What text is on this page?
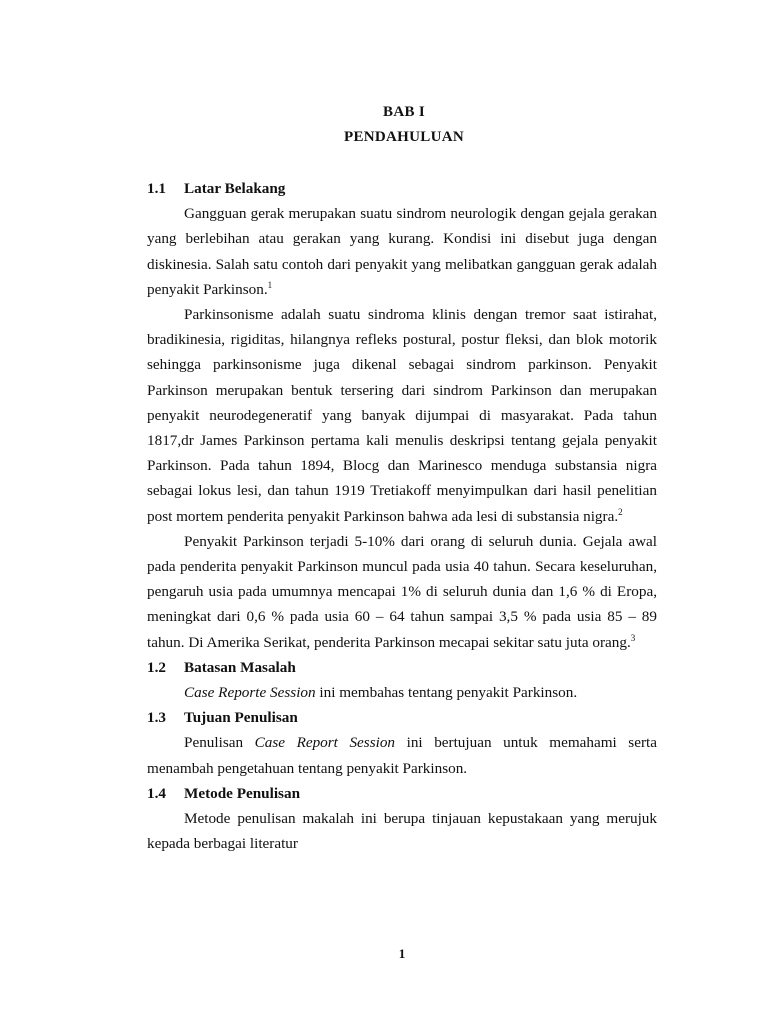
BAB I
PENDAHULUAN
1.1	Latar Belakang

Gangguan gerak merupakan suatu sindrom neurologik dengan gejala gerakan yang berlebihan atau gerakan yang kurang. Kondisi ini disebut juga dengan diskinesia. Salah satu contoh dari penyakit yang melibatkan gangguan gerak adalah penyakit Parkinson.$^1$

Parkinsonisme adalah suatu sindroma klinis dengan tremor saat istirahat, bradikinesia, rigiditas, hilangnya refleks postural, postur fleksi, dan blok motorik sehingga parkinsonisme juga dikenal sebagai sindrom parkinson. Penyakit Parkinson merupakan bentuk tersering dari sindrom Parkinson dan merupakan penyakit neurodegeneratif yang banyak dijumpai di masyarakat. Pada tahun 1817,dr James Parkinson pertama kali menulis deskripsi tentang gejala penyakit Parkinson. Pada tahun 1894, Blocg dan Marinesco menduga substansia nigra sebagai lokus lesi, dan tahun 1919 Tretiakoff menyimpulkan dari hasil penelitian post mortem penderita penyakit Parkinson bahwa ada lesi di substansia nigra.$^2$

Penyakit Parkinson terjadi 5-10% dari orang di seluruh dunia. Gejala awal pada penderita penyakit Parkinson muncul pada usia 40 tahun. Secara keseluruhan, pengaruh usia pada umumnya mencapai 1% di seluruh dunia dan 1,6 % di Eropa, meningkat dari 0,6 % pada usia 60 – 64 tahun sampai 3,5 % pada usia 85 – 89 tahun. Di Amerika Serikat, penderita Parkinson mecapai sekitar satu juta orang.$^3$

1.2	Batasan Masalah

Case Reporte Session ini membahas tentang penyakit Parkinson.

1.3	Tujuan Penulisan

Penulisan Case Report Session ini bertujuan untuk memahami serta menambah pengetahuan tentang penyakit Parkinson.

1.4	Metode Penulisan

Metode penulisan makalah ini berupa tinjauan kepustakaan yang merujuk kepada berbagai literatur

1
